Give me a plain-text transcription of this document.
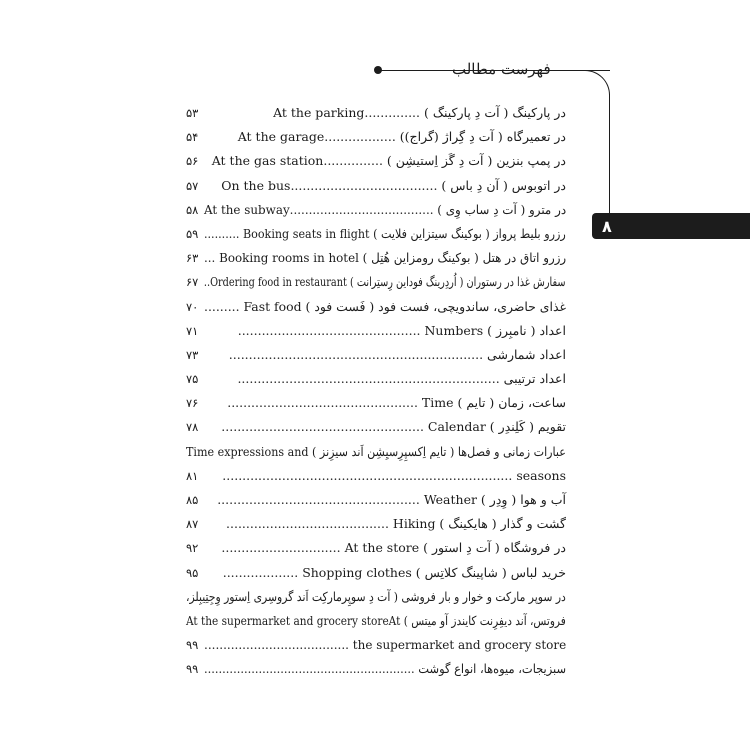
فهرست مطالب
۸
در پارکینگ ( آت دِ پارکینگ ) ..............At the parking
۵۳
در تعمیرگاه ( آت دِ گِراژ (گراج)) ..................At the garage
۵۴
در پمپ بنزین ( آت دِ گَز اِستیشِن ) ...............At the gas station
۵۶
در اتوبوس ( آن دِ باس ) .....................................On the bus
۵۷
در مترو ( آت دِ ساب وِی ) ......................................At the subway
۵۸
رزرو بلیط پرواز ( بوکینگ سیتزاین فلایت ) Booking seats in flight ..........
۵۹
رزرو اتاق در هتل ( بوکینگ رومزاین هُتِل ) Booking rooms in hotel ...
۶۳
سفارش غذا در رستوران ( اُردِرینگ فوداین رِستِرانت ) Ordering food in restaurant..
۶۷
غذای حاضری، ساندویچی، فست فود ( فَست فود ) Fast food .........
۷۰
اعداد ( نامبِرز ) Numbers ..............................................
۷۱
اعداد شمارشی ................................................................
۷۳
اعداد ترتیبی ..................................................................
۷۵
ساعت، زمان ( تایم ) Time ................................................
۷۶
تقویم ( کَلِندِر ) Calendar ...................................................
۷۸
عبارات زمانی و فصل‌ها ( تایم اِکسپِرِسیِشِن اَند سیزِنز ) Time expressions and
seasons .........................................................................
۸۱
آب و هوا ( وِدِر ) Weather ...................................................
۸۵
گشت و گذار ( هایکینگ ) Hiking .........................................
۸۷
در فروشگاه ( آت دِ استور ) At the store ..............................
۹۲
خرید لباس ( شاپینگ کلاتِس ) Shopping clothes ...................
۹۵
در سوپر مارکت و خوار و بار فروشی ( آت دِ سوپِرمارکِت اَند گروسِری اِستور وِجِتِیبِلز،
فروتس، آند دیفِرِنت کایندز آو میتس ) At the supermarket and grocery storeAt
the supermarket and grocery store ......................................
۹۹
سبزیجات، میوه‌ها، انواع گوشت ..........................................................
۹۹
